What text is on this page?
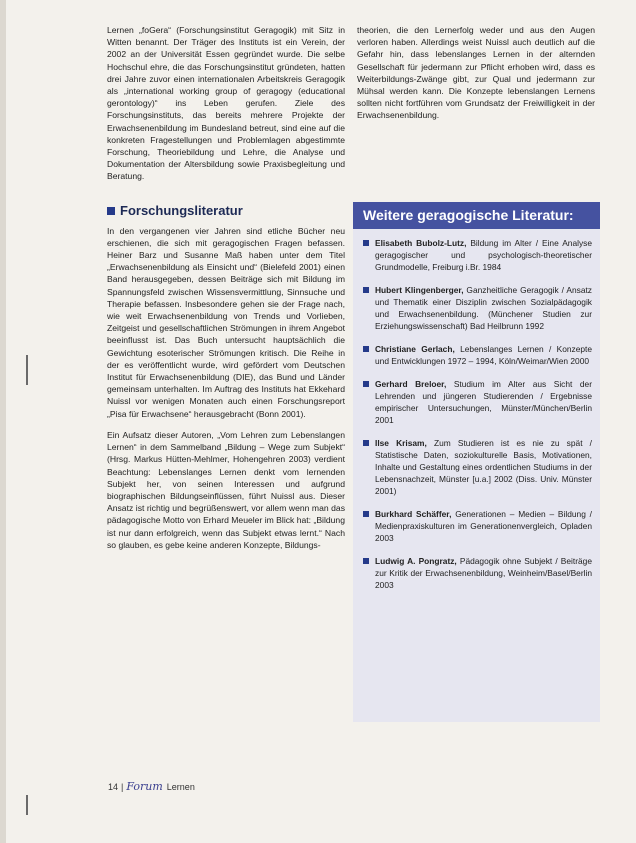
Lernen „foGera“ (Forschungsinstitut Geragogik) mit Sitz in Witten benannt. Der Träger des Instituts ist ein Verein, der 2002 an der Universität Essen gegründet wurde. Die selbe Hochschul ehre, die das Forschungsinstitut gründeten, hatten drei Jahre zuvor einen internationalen Arbeitskreis Geragogik als „international working group of geragogy (educational gerontology)“ ins Leben gerufen. Ziele des Forschungsinstituts, das bereits mehrere Projekte der Erwachsenenbildung im Bundesland betreut, sind eine auf die konkreten Fragestellungen und Problemlagen abgestimmte Forschung, Theoriebildung und Lehre, die Analyse und Dokumentation der Altersbildung sowie Praxisbegleitung und Beratung.

Forschungsliteratur

In den vergangenen vier Jahren sind etliche Bücher neu erschienen, die sich mit geragogischen Fragen befassen. Heiner Barz und Susanne Maß haben unter dem Titel „Erwachsenenbildung als Einsicht und“ (Bielefeld 2001) einen Band herausgegeben, dessen Beiträge sich mit Bildung im Spannungsfeld zwischen Wissensvermittlung, Sinnsuche und Therapie befassen. Insbesondere gehen sie der Frage nach, wie weit Erwachsenenbildung von Trends und Vorlieben, Zeitgeist und gesellschaftlichen Strömungen in ihrem Angebot beeinflusst ist. Das Buch untersucht hauptsächlich die Gewichtung esoterischer Strömungen kritisch. Die Reihe in der es veröffentlicht wurde, wird gefördert vom Deutschen Institut für Erwachsenenbildung (DIE), das Bund und Länder gemeinsam unterhalten. Im Auftrag des Instituts hat Ekkehard Nuissl vor wenigen Monaten auch einen Forschungsreport „Pisa für Erwachsene“ herausgebracht (Bonn 2001).

Ein Aufsatz dieser Autoren, „Vom Lehren zum Lebenslangen Lernen“ in dem Sammelband „Bildung – Wege zum Subjekt“ (Hrsg. Markus Hütten-Mehlmer, Hohengehren 2003) verdient Beachtung: Lebenslanges Lernen denkt vom lernenden Subjekt her, von seinen Interessen und aufgrund biographischen Bildungseinflüssen, führt Nuissl aus. Dieser Ansatz ist richtig und begrüßenswert, vor allem wenn man das pädagogische Motto von Erhard Meueler im Blick hat: „Bildung ist nur dann erfolgreich, wenn das Subjekt etwas lernt.“ Nach so glauben, es gebe keine anderen Konzepte, Bildungs-

theorien, die den Lernerfolg weder und aus den Augen verloren haben. Allerdings weist Nuissl auch deutlich auf die Gefahr hin, dass lebenslanges Lernen in der alternden Gesellschaft für jedermann zur Pflicht erhoben wird, dass es Weiterbildungs-Zwänge gibt, zur Qual und jedermann zur Mühsal werden kann. Die Konzepte lebenslangen Lernens sollten nicht fortführen vom Grundsatz der Freiwilligkeit in der Erwachsenenbildung.

Weitere geragogische Literatur:
Elisabeth Bubolz-Lutz, Bildung im Alter / Eine Analyse geragogischer und psychologisch-theoretischer Grundmodelle, Freiburg i.Br. 1984
Hubert Klingenberger, Ganzheitliche Geragogik / Ansatz und Thematik einer Disziplin zwischen Sozialpädagogik und Erwachsenenbildung. (Münchener Studien zur Erziehungswissenschaft) Bad Heilbrunn 1992
Christiane Gerlach, Lebenslanges Lernen / Konzepte und Entwicklungen 1972 – 1994, Köln/Weimar/Wien 2000
Gerhard Breloer, Studium im Alter aus Sicht der Lehrenden und jüngeren Studierenden / Ergebnisse empirischer Untersuchungen, Münster/München/Berlin 2001
Ilse Krisam, Zum Studieren ist es nie zu spät / Statistische Daten, soziokulturelle Basis, Motivationen, Inhalte und Gestaltung eines ordentlichen Studiums in der Lebensnachzeit, Münster [u.a.] 2002 (Diss. Univ. Münster 2001)
Burkhard Schäffer, Generationen – Medien – Bildung / Medienpraxiskulturen im Generationenvergleich, Opladen 2003
Ludwig A. Pongratz, Pädagogik ohne Subjekt / Beiträge zur Kritik der Erwachsenenbildung, Weinheim/Basel/Berlin 2003
14 | Forum Lernen
